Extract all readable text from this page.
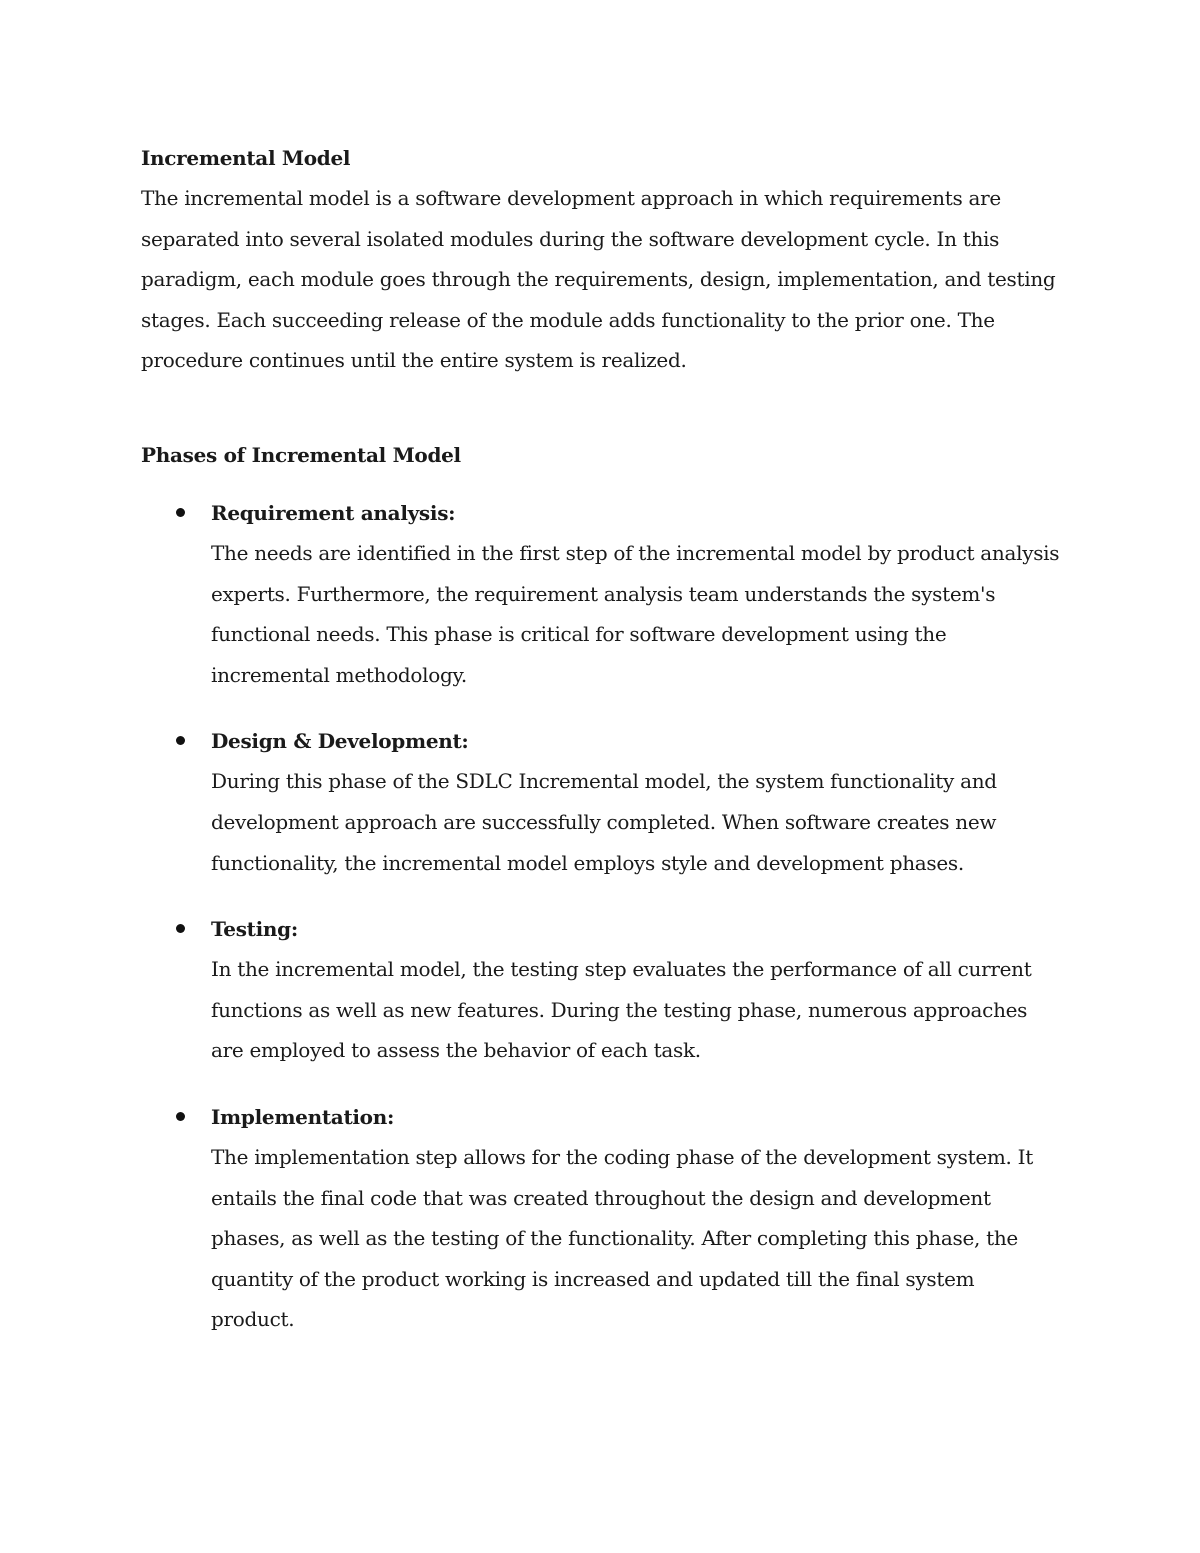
Incremental Model

The incremental model is a software development approach in which requirements are separated into several isolated modules during the software development cycle. In this paradigm, each module goes through the requirements, design, implementation, and testing stages. Each succeeding release of the module adds functionality to the prior one. The procedure continues until the entire system is realized.

Phases of Incremental Model

Requirement analysis:

The needs are identified in the first step of the incremental model by product analysis experts. Furthermore, the requirement analysis team understands the system's functional needs. This phase is critical for software development using the incremental methodology.

Design & Development:

During this phase of the SDLC Incremental model, the system functionality and development approach are successfully completed. When software creates new functionality, the incremental model employs style and development phases.

Testing:

In the incremental model, the testing step evaluates the performance of all current functions as well as new features. During the testing phase, numerous approaches are employed to assess the behavior of each task.

Implementation:

The implementation step allows for the coding phase of the development system. It entails the final code that was created throughout the design and development phases, as well as the testing of the functionality. After completing this phase, the quantity of the product working is increased and updated till the final system product.
